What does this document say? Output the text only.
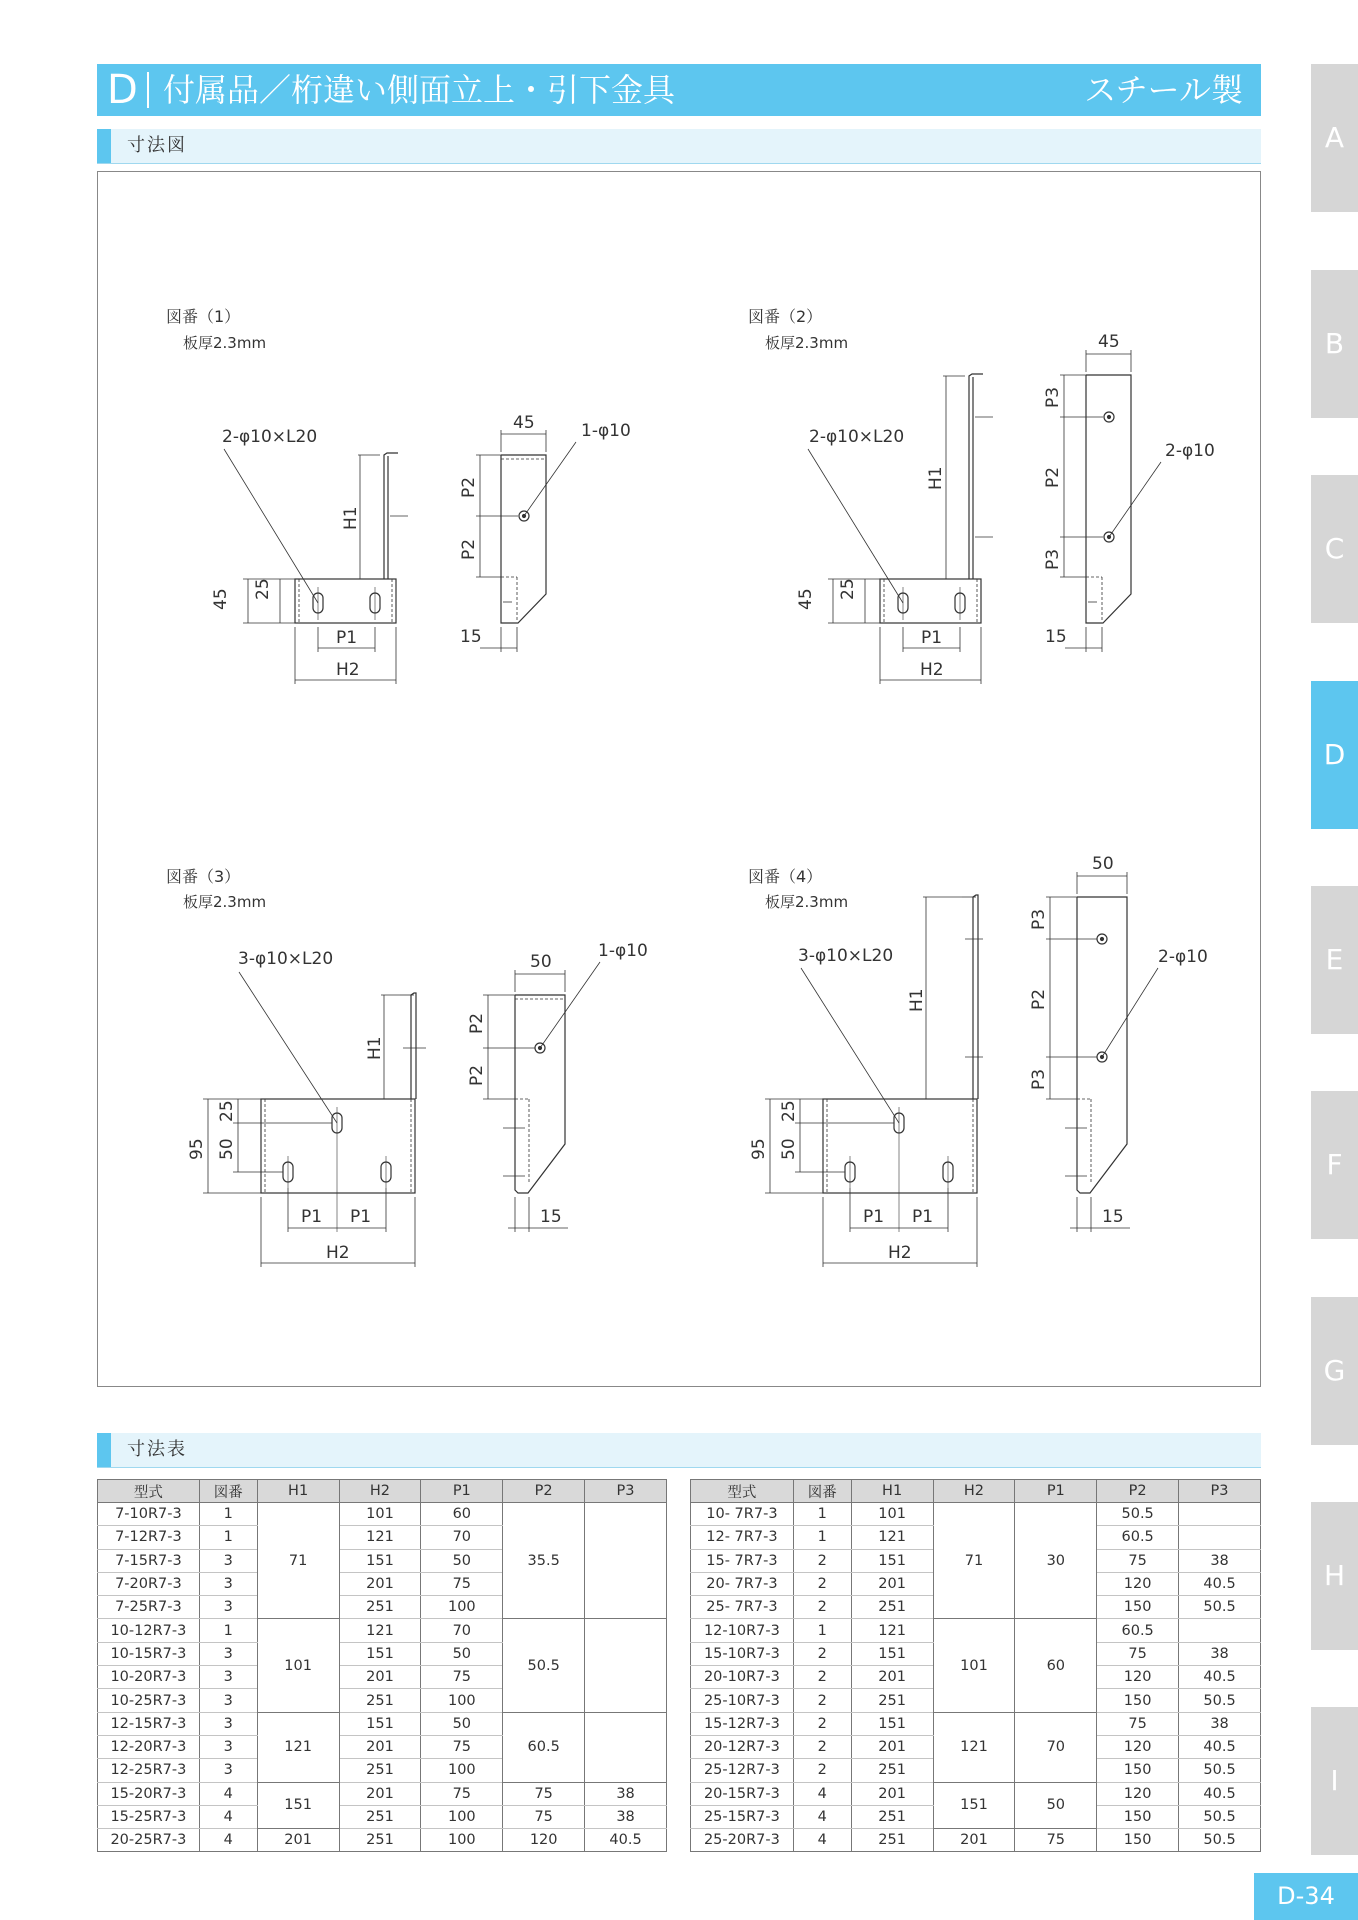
D 付属品／桁違い側面立上・引下金具	スチール製
寸法図
図番（1）
板厚2.3mm
2-φ10×L20
H1
45 25
P1
H2
45	1-φ10
P2
P2
15
図番（2）
板厚2.3mm
2-φ10×L20
H1
45 25
P1
H2
45
2-φ10
P3
P2
P3
15
図番（3）
板厚2.3mm
3-φ10×L20
H1
95
25
50
P1 P1
H2
50
1-φ10
P2
P2
15
図番（4）
板厚2.3mm
3-φ10×L20
H1
95
25
50
P1 P1
H2
50
2-φ10
P3
P2
P3
15
寸法表
型式	図番	H1	H2	P1	P2	P3
7-10R7-3	1	71	101	60	35.5	
7-12R7-3	1		121	70		
7-15R7-3	3		151	50		
7-20R7-3	3		201	75		
7-25R7-3	3		251	100		
10-12R7-3	1	101	121	70	50.5	
10-15R7-3	3		151	50		
10-20R7-3	3		201	75		
10-25R7-3	3		251	100		
12-15R7-3	3	121	151	50	60.5	
12-20R7-3	3		201	75		
12-25R7-3	3		251	100		
15-20R7-3	4	151	201	75	75	38
15-25R7-3	4		251	100	75	38
20-25R7-3	4	201	251	100	120	40.5
型式	図番	H1	H2	P1	P2	P3
10- 7R7-3	1	101	71	30	50.5	
12- 7R7-3	1	121			60.5	
15- 7R7-3	2	151			75	38
20- 7R7-3	2	201			120	40.5
25- 7R7-3	2	251			150	50.5
12-10R7-3	1	121	101	60	60.5	
15-10R7-3	2	151			75	38
20-10R7-3	2	201			120	40.5
25-10R7-3	2	251			150	50.5
15-12R7-3	2	151	121	70	75	38
20-12R7-3	2	201			120	40.5
25-12R7-3	2	251			150	50.5
20-15R7-3	4	201	151	50	120	40.5
25-15R7-3	4	251			150	50.5
25-20R7-3	4	251	201	75	150	50.5
A
B
C
D
E
F
G
H
I
D-34
